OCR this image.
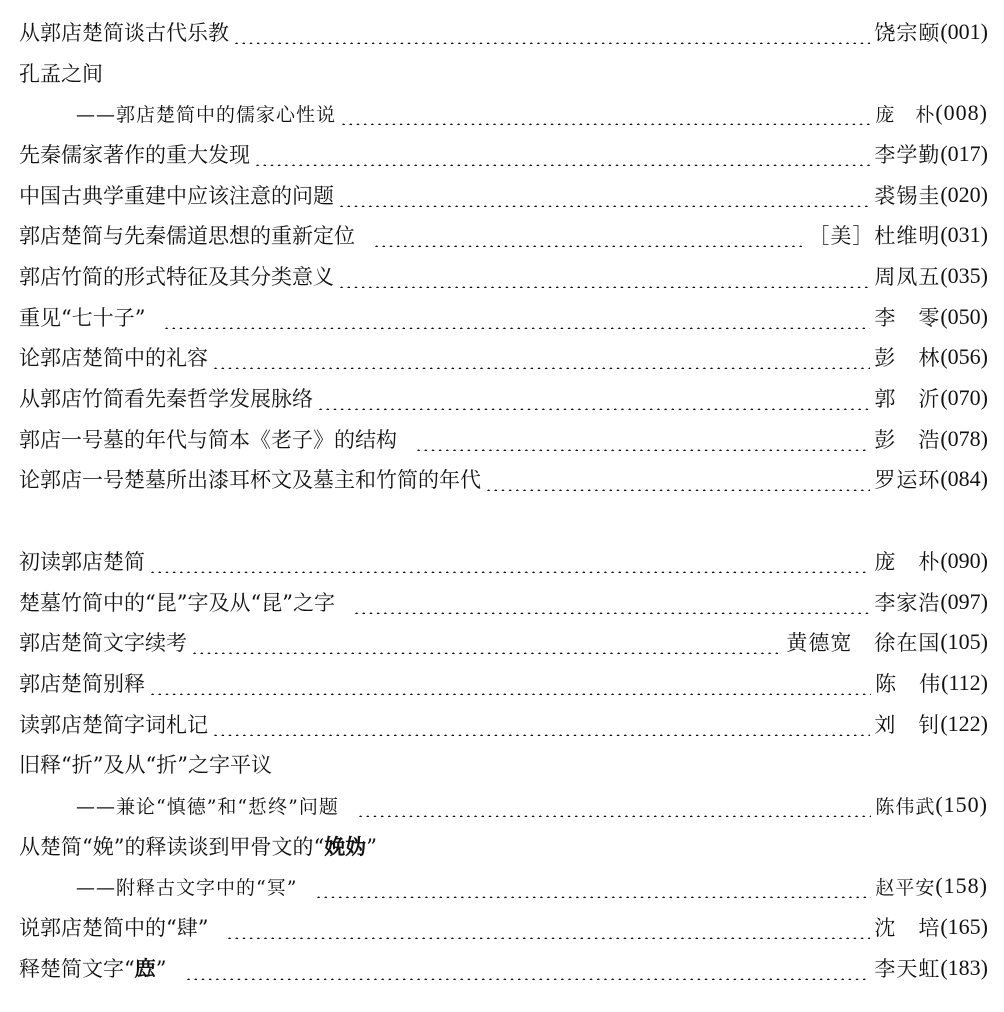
从郭店楚简谈古代乐教	饶宗颐 (001)
孔孟之间
——郭店楚简中的儒家心性说	庞　朴 (008)
先秦儒家著作的重大发现	李学勤 (017)
中国古典学重建中应该注意的问题	裘锡圭 (020)
郭店楚简与先秦儒道思想的重新定位	［美］杜维明 (031)
郭店竹简的形式特征及其分类意义	周凤五 (035)
重见“七十子”	李　零 (050)
论郭店楚简中的礼容	彭　林 (056)
从郭店竹简看先秦哲学发展脉络	郭　沂 (070)
郭店一号墓的年代与简本《老子》的结构	彭　浩 (078)
论郭店一号楚墓所出漆耳杯文及墓主和竹简的年代	罗运环 (084)
初读郭店楚简	庞　朴 (090)
楚墓竹简中的“昆”字及从“昆”之字	李家浩 (097)
郭店楚简文字续考	黄德宽　徐在国 (105)
郭店楚简别释	陈　伟 (112)
读郭店楚简字词札记	刘　钊 (122)
旧释“折”及从“折”之字平议
——兼论“慎德”和“悊终”问题	陈伟武 (150)
从楚简“娩”的释读谈到甲骨文的“娩妫”
——附释古文字中的“冥”	赵平安 (158)
说郭店楚简中的“肆”	沈　培 (165)
释楚简文字“𢉖”	李天虹 (183)
